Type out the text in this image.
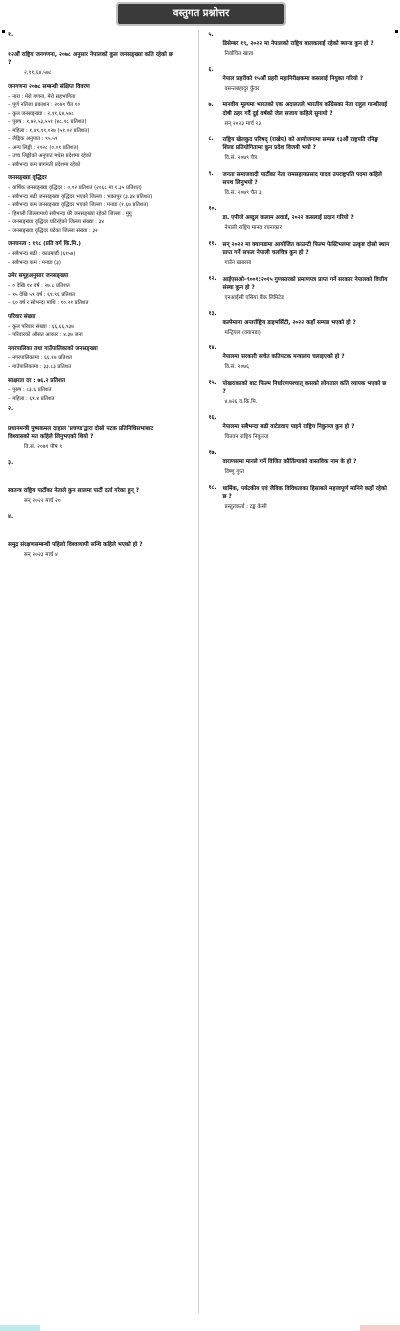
वस्तुगत प्रश्नोत्तर
१. १२औं राष्ट्रिय जनगणना, २०७८ अनुसार नेपालको कुल जनसङ्ख्या कति रहेको छ ?
२,९१,६४,५७८
जनगणना २०७८ सम्बन्धी संक्षिप्त विवरण
– नारा : मेरो गणना, मेरो सहभागिता
– पूर्ण नतिजा प्रकाशन : २०७९ चैत १०
– कुल जनसङ्ख्या : २,९१,६४,५७८
– पुरुष : १,४२,५३,५५१ (४८.९८ प्रतिशत)
– महिला : १,४९,११,०२७ (५१.०२ प्रतिशत)
– लैङ्गिक अनुपात : ९५.५९
– अन्य लिङ्गी : २९२८ (०.०१ प्रतिशत)
– उच्च लिङ्गीको अनुपात मधेस प्रदेशमा रहेको
– सबैभन्दा कम बागमती प्रदेशमा रहेको
जनसङ्ख्या वृद्धिदर
– वार्षिक जनसङ्ख्या वृद्धिदर : ०.९२ प्रतिशत (२०६८ मा १.३५ प्रतिशत)
– सबैभन्दा बढी जनसङ्ख्या वृद्धिदर भएको जिल्ला : भक्तपुर (३.३४ प्रतिशत)
– सबैभन्दा कम जनसङ्ख्या वृद्धिदर भएको जिल्ला : मनाङ (१.६७ प्रतिशत)
– हिमाली जिल्लामध्ये सबैभन्दा धेरै जनसङ्ख्या रहेको जिल्ला : मुगु
– जनसङ्ख्या वृद्धिदर घटिरहेको जिल्ला संख्या : ३४
– जनसङ्ख्या वृद्धिदर घटेका जिल्ला संख्या : ३२
जनघनत्व : १९८ (प्रति वर्ग कि.मि.)
– सबैभन्दा बढी : काठमाडौं (६१५७)
– सबैभन्दा कम : मनाङ (३)
उमेर समूहअनुसार जनसङ्ख्या
– ० देखि १४ वर्ष : २७.८ प्रतिशत
– १५ देखि ५९ वर्ष : ६१.९६ प्रतिशत
– ६० वर्ष र सोभन्दा माथि : १०.२१ प्रतिशत
परिवार संख्या
– कुल परिवार संख्या : ६६,६६,९३७
– परिवारको औसत आकार : ४.३७ जना
नगरपालिका तथा गाउँपालिकाको जनसङ्ख्या
– नगरपालिकामा : ६६.१७ प्रतिशत
– गाउँपालिकामा : ३३.८३ प्रतिशत
साक्षरता दर : ७६.२ प्रतिशत
– पुरुष : ८३.६ प्रतिशत
– महिला : ६९.४ प्रतिशत
२. प्रधानमन्त्री पुष्पकमल दाहाल 'प्रचण्ड'द्वारा दोस्रो पटक प्रतिनिधिसभाबाट विश्वासको मत कहिले लिनुभएको थियो ?
वि.सं. २०७९ पौष ९
३. स्वतन्त्र राष्ट्रिय पार्टीका नेताले कुन सालमा पार्टी दर्ता गरेका हुन् ?
सन् २०२२ मार्च २०
४. समुद्र संरक्षणसम्बन्धी पहिलो विश्वव्यापी सन्धि कहिले भएको हो ?
सन् २०२३ मार्च ४
५.डिसेम्बर १९, २०२२ मा नेपालको राष्ट्रिय बालकलाई रहेको ब्यान्ड कुन हो ?
निर्वाचित खाता
६.नेपाल प्रहरीको १५औं प्रहरी महानिरीक्षकमा कसलाई नियुक्त गरियो ?
वसन्तबहादुर कुँवर
७. मानवीय मूल्यमा भारतको एक अदालतले भारतीय काँग्रेसका नेता राहुल गान्धीलाई दोषी ठहर गर्दै दुई वर्षको जेल सजाय कहिले सुनायो ?
सन् २०२३ मार्च २३
८. राष्ट्रिय खेलकुद परिषद् (राखेप) को आयोजनामा सम्पन्न १३औं राष्ट्रपति रनिङ्ग शिल्ड प्रतियोगितामा कुन प्रदेश विजयी भयो ?
वि.सं. २०७९ चैत्र
९. जनता समाजवादी पार्टीका नेता रामसहायप्रसाद यादव उपराष्ट्रपति पदमा कहिले सपथ लिनुभयो ?
वि.सं. २०७९ चैत ३
१०.डा. एपीजे अब्दुल कलाम अवार्ड, २०२२ कसलाई प्रदान गरियो ?
नेपाली राष्ट्रिय मानव रचनाकार
११. सन् २०२२ मा क्यानडामा आयोजित काउन्टी फिल्म फेस्टिभलमा उत्कृष्ट दोस्रो स्थान प्राप्त गर्ने सफल नेपाली चलचित्र कुन हो ?
गाउँन खबरसा
१२. आईएसओ–९००१:२०१५ गुणस्तरको प्रमाणपत्र प्राप्त गर्ने सरकार नेपालको वित्तीय संस्था कुन हो ?
एनआईसी एसिया बैंक लिमिटेड
१३.कल्पेमाना अन्तर्राष्ट्रिय डाइभर्सिटी, २०२२ कहाँ सम्पन्न भएको हो ?
मन्ट्रियल (क्यानडा)
१४.नेपालमा सरकारी सचेत कतिपटक मन्त्रालय चलाइएको हो ?
वि.सं. २०७६
१५. पोखराकाको बाट फिल्म निर्धारणपश्चात् कसको लोगताल कति व्यापक भएको छ ?
४.७२६ व.कि.मि.
१६.नेपालमा सबैभन्दा बढी वाटेडवाए पाइने राष्ट्रिय निकुञ्ज कुन हो ?
चितवन राष्ट्रिय निकुञ्ज
१७.वाराणसमा मानले गर्ने विजित कौर्तिल्याको वास्तविक नाम के हो ?
विष्णु गुप्त
१८. धार्मिक, पर्यटकीय एवं जैविक विविधताका हिसाबले महत्त्वपूर्ण मानिने कहाँ रहेको छ ?
प्रस्तुतकर्ता : टङ्क केसी
